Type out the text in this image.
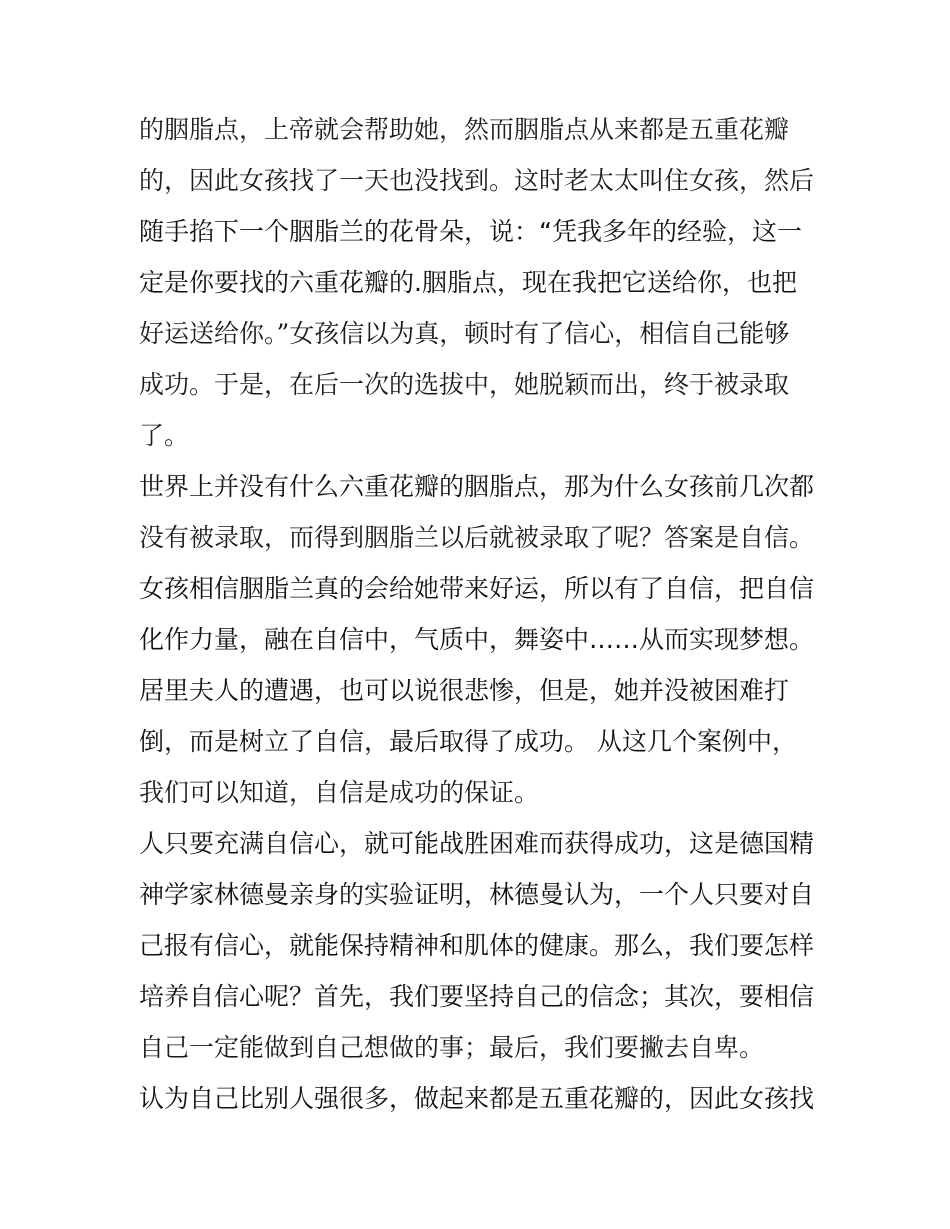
的胭脂点，上帝就会帮助她，然而胭脂点从来都是五重花瓣
的，因此女孩找了一天也没找到。这时老太太叫住女孩，然后
随手掐下一个胭脂兰的花骨朵，说：“凭我多年的经验，这一
定是你要找的六重花瓣的.胭脂点，现在我把它送给你，也把
好运送给你。”女孩信以为真，顿时有了信心，相信自己能够
成功。于是，在后一次的选拔中，她脱颖而出，终于被录取
了。
世界上并没有什么六重花瓣的胭脂点，那为什么女孩前几次都
没有被录取，而得到胭脂兰以后就被录取了呢？答案是自信。
女孩相信胭脂兰真的会给她带来好运，所以有了自信，把自信
化作力量，融在自信中，气质中，舞姿中……从而实现梦想。
居里夫人的遭遇，也可以说很悲惨，但是，她并没被困难打
倒，而是树立了自信，最后取得了成功。 从这几个案例中，
我们可以知道，自信是成功的保证。
人只要充满自信心，就可能战胜困难而获得成功，这是德国精
神学家林德曼亲身的实验证明，林德曼认为，一个人只要对自
己报有信心，就能保持精神和肌体的健康。那么，我们要怎样
培养自信心呢？首先，我们要坚持自己的信念；其次，要相信
自己一定能做到自己想做的事；最后，我们要撇去自卑。
认为自己比别人强很多，做起来都是五重花瓣的，因此女孩找
